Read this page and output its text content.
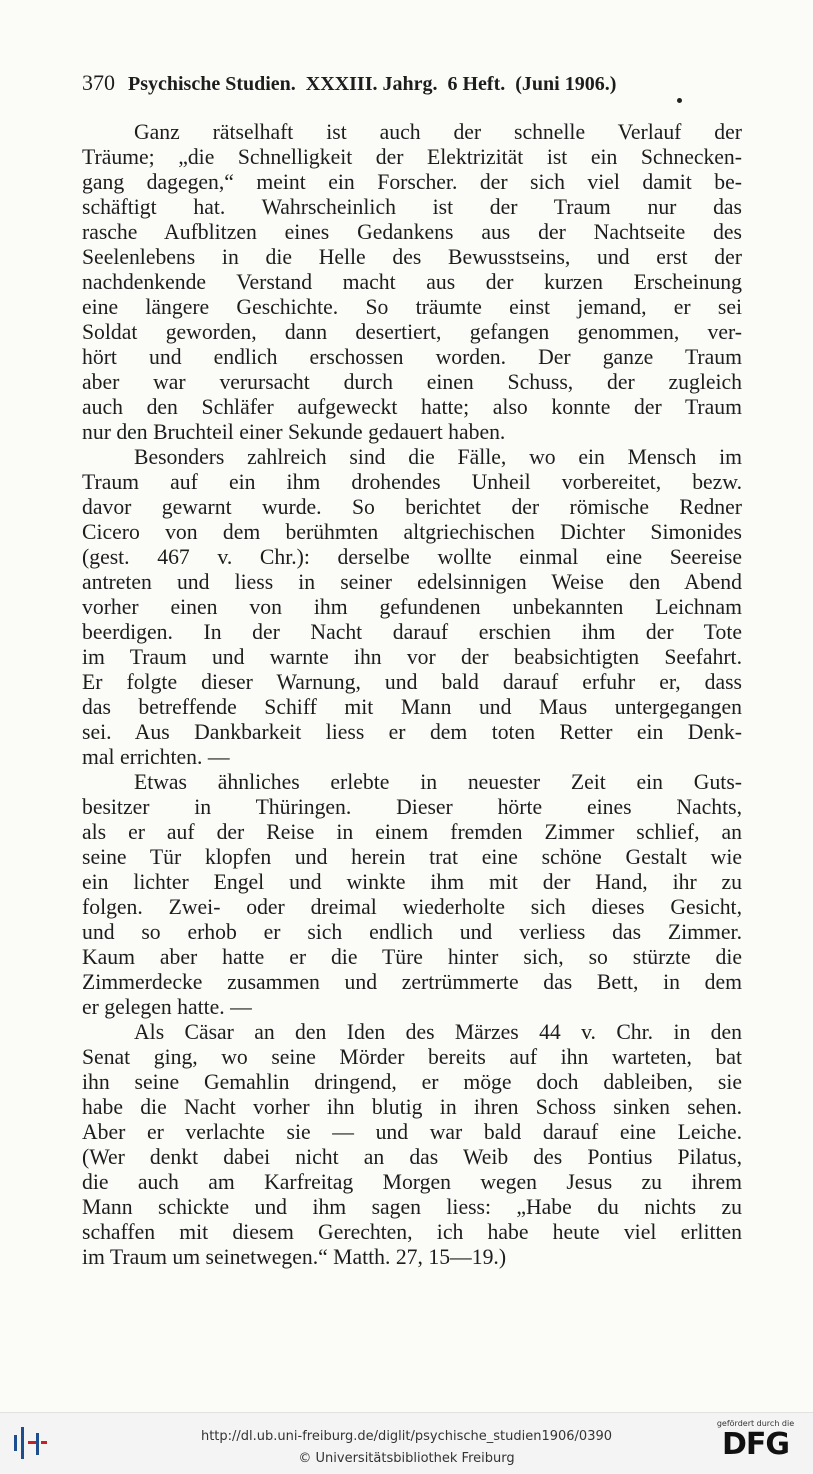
370 Psychische Studien.  XXXIII. Jahrg.  6 Heft.  (Juni 1906.)
Ganz rätselhaft ist auch der schnelle Verlauf der
Träume; „die Schnelligkeit der Elektrizität ist ein Schnecken-
gang dagegen,“ meint ein Forscher. der sich viel damit be-
schäftigt hat. Wahrscheinlich ist der Traum nur das
rasche Aufblitzen eines Gedankens aus der Nachtseite des
Seelenlebens in die Helle des Bewusstseins, und erst der
nachdenkende Verstand macht aus der kurzen Erscheinung
eine längere Geschichte. So träumte einst jemand, er sei
Soldat geworden, dann desertiert, gefangen genommen, ver-
hört und endlich erschossen worden. Der ganze Traum
aber war verursacht durch einen Schuss, der zugleich
auch den Schläfer aufgeweckt hatte; also konnte der Traum
nur den Bruchteil einer Sekunde gedauert haben.
Besonders zahlreich sind die Fälle, wo ein Mensch im
Traum auf ein ihm drohendes Unheil vorbereitet, bezw.
davor gewarnt wurde. So berichtet der römische Redner
Cicero von dem berühmten altgriechischen Dichter Simonides
(gest. 467 v. Chr.): derselbe wollte einmal eine Seereise
antreten und liess in seiner edelsinnigen Weise den Abend
vorher einen von ihm gefundenen unbekannten Leichnam
beerdigen. In der Nacht darauf erschien ihm der Tote
im Traum und warnte ihn vor der beabsichtigten Seefahrt.
Er folgte dieser Warnung, und bald darauf erfuhr er, dass
das betreffende Schiff mit Mann und Maus untergegangen
sei. Aus Dankbarkeit liess er dem toten Retter ein Denk-
mal errichten. —
Etwas ähnliches erlebte in neuester Zeit ein Guts-
besitzer in Thüringen. Dieser hörte eines Nachts,
als er auf der Reise in einem fremden Zimmer schlief, an
seine Tür klopfen und herein trat eine schöne Gestalt wie
ein lichter Engel und winkte ihm mit der Hand, ihr zu
folgen. Zwei- oder dreimal wiederholte sich dieses Gesicht,
und so erhob er sich endlich und verliess das Zimmer.
Kaum aber hatte er die Türe hinter sich, so stürzte die
Zimmerdecke zusammen und zertrümmerte das Bett, in dem
er gelegen hatte. —
Als Cäsar an den Iden des Märzes 44 v. Chr. in den
Senat ging, wo seine Mörder bereits auf ihn warteten, bat
ihn seine Gemahlin dringend, er möge doch dableiben, sie
habe die Nacht vorher ihn blutig in ihren Schoss sinken sehen.
Aber er verlachte sie — und war bald darauf eine Leiche.
(Wer denkt dabei nicht an das Weib des Pontius Pilatus,
die auch am Karfreitag Morgen wegen Jesus zu ihrem
Mann schickte und ihm sagen liess: „Habe du nichts zu
schaffen mit diesem Gerechten, ich habe heute viel erlitten
im Traum um seinetwegen.“ Matth. 27, 15—19.)
http://dl.ub.uni-freiburg.de/diglit/psychische_studien1906/0390
© Universitätsbibliothek Freiburg
gefördert durch die
DFG
